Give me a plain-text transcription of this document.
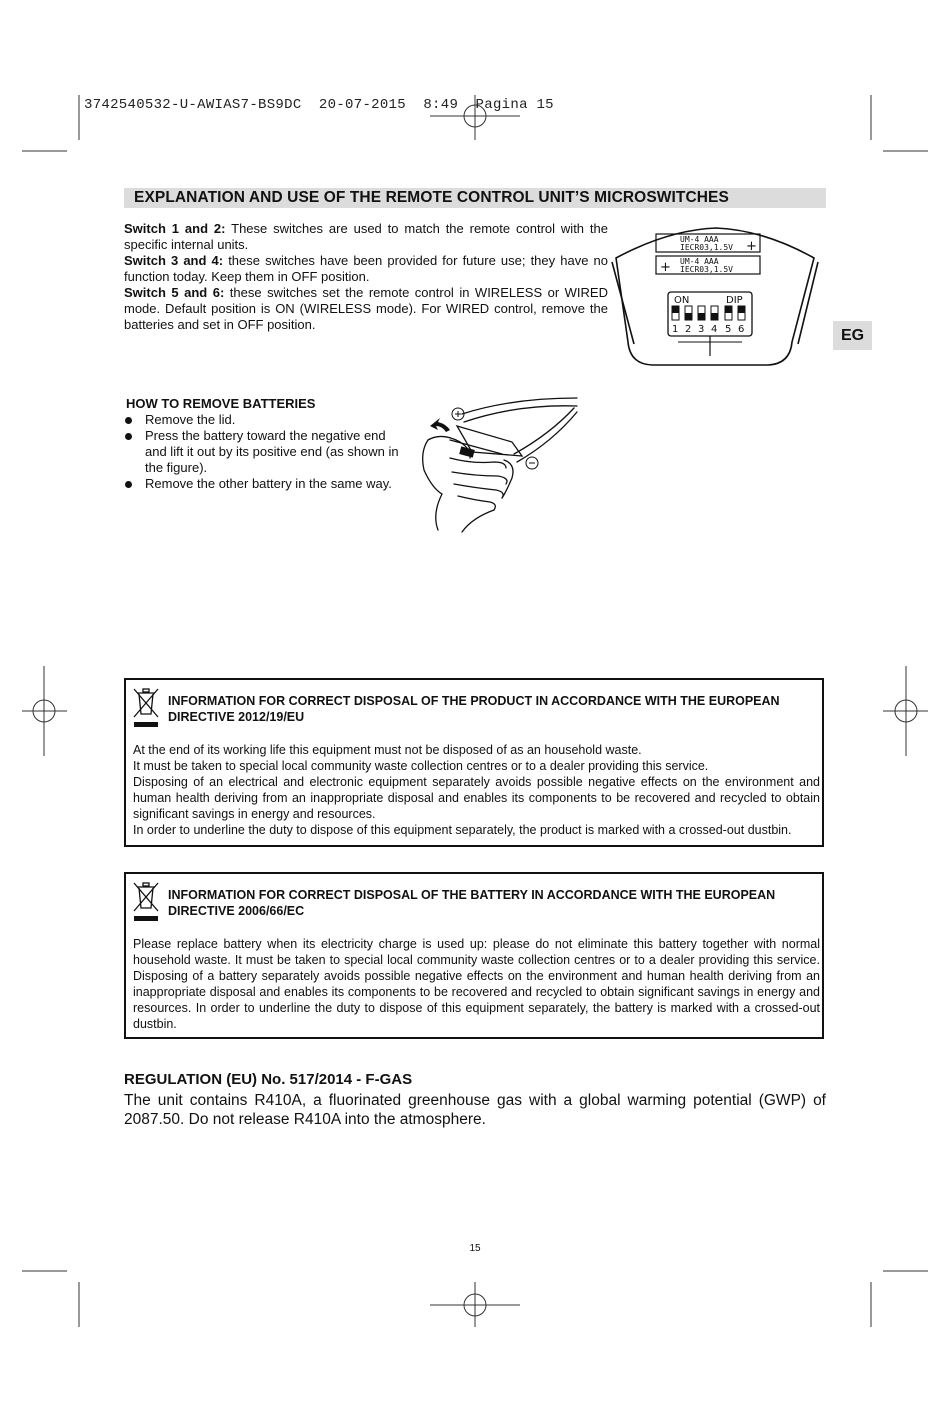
3742540532-U-AWIAS7-BS9DC  20-07-2015  8:49  Pagina 15
EXPLANATION AND USE OF THE REMOTE CONTROL UNIT’S MICROSWITCHES

Switch 1 and 2: These switches are used to match the remote control with the specific internal units.

Switch 3 and 4: these switches have been provided for future use; they have no function today. Keep them in OFF position.

Switch 5 and 6: these switches set the remote control in WIRELESS or WIRED mode. Default position is ON (WIRELESS mode). For WIRED control, remove the batteries and set in OFF position.

EG
UM-4 AAA
IECR03,1.5V
UM-4 AAA
IECR03,1.5V
+
+
ON	DIP
1 2 3 4 5 6
HOW TO REMOVE BATTERIES
Remove the lid.
Press the battery toward the negative end and lift it out by its positive end (as shown in the figure).
Remove the other battery in the same way.
INFORMATION FOR CORRECT DISPOSAL OF THE PRODUCT IN ACCORDANCE WITH THE EUROPEAN DIRECTIVE 2012/19/EU

At the end of its working life this equipment must not be disposed of as an household waste.

It must be taken to special local community waste collection centres or to a dealer providing this service.

Disposing of an electrical and electronic equipment separately avoids possible negative effects on the environment and human health deriving from an inappropriate disposal and enables its components to be recovered and recycled to obtain significant savings in energy and resources.

In order to underline the duty to dispose of this equipment separately, the product is marked with a crossed-out dustbin.

INFORMATION FOR CORRECT DISPOSAL OF THE BATTERY IN ACCORDANCE WITH THE EUROPEAN DIRECTIVE 2006/66/EC

Please replace battery when its electricity charge is used up: please do not eliminate this battery together with normal household waste. It must be taken to special local community waste collection centres or to a dealer providing this service. Disposing of a battery separately avoids possible negative effects on the environment and human health deriving from an inappropriate disposal and enables its components to be recovered and recycled to obtain significant savings in energy and resources. In order to underline the duty to dispose of this equipment separately, the battery is marked with a crossed-out dustbin.

REGULATION (EU) No. 517/2014 - F-GAS
The unit contains R410A, a fluorinated greenhouse gas with a global warming potential (GWP) of 2087.50. Do not release R410A into the atmosphere.
15
